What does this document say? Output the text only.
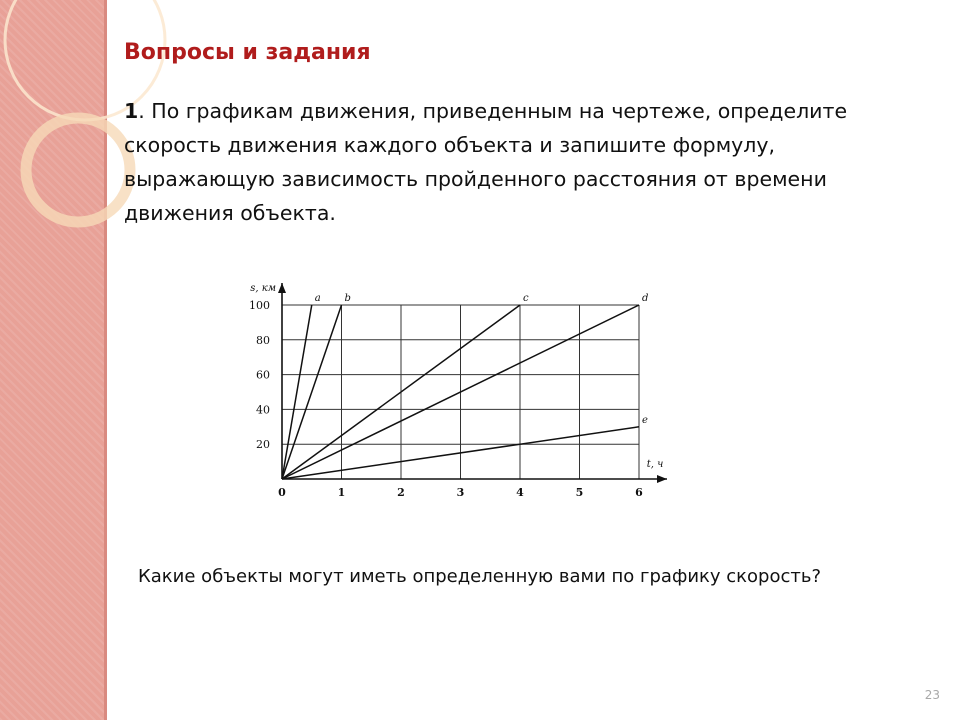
Вопросы и задания
1. По графикам движения, приведенным на чертеже, определите скорость движения каждого объекта и запишите формулу, выражающую зависимость пройденного расстояния от времени движения объекта.
0	1	2	3	4	5	6
20
40
60
80
100
s, км
t, ч
a b	c	d
e
Какие объекты могут иметь определенную вами по графику скорость?
23
